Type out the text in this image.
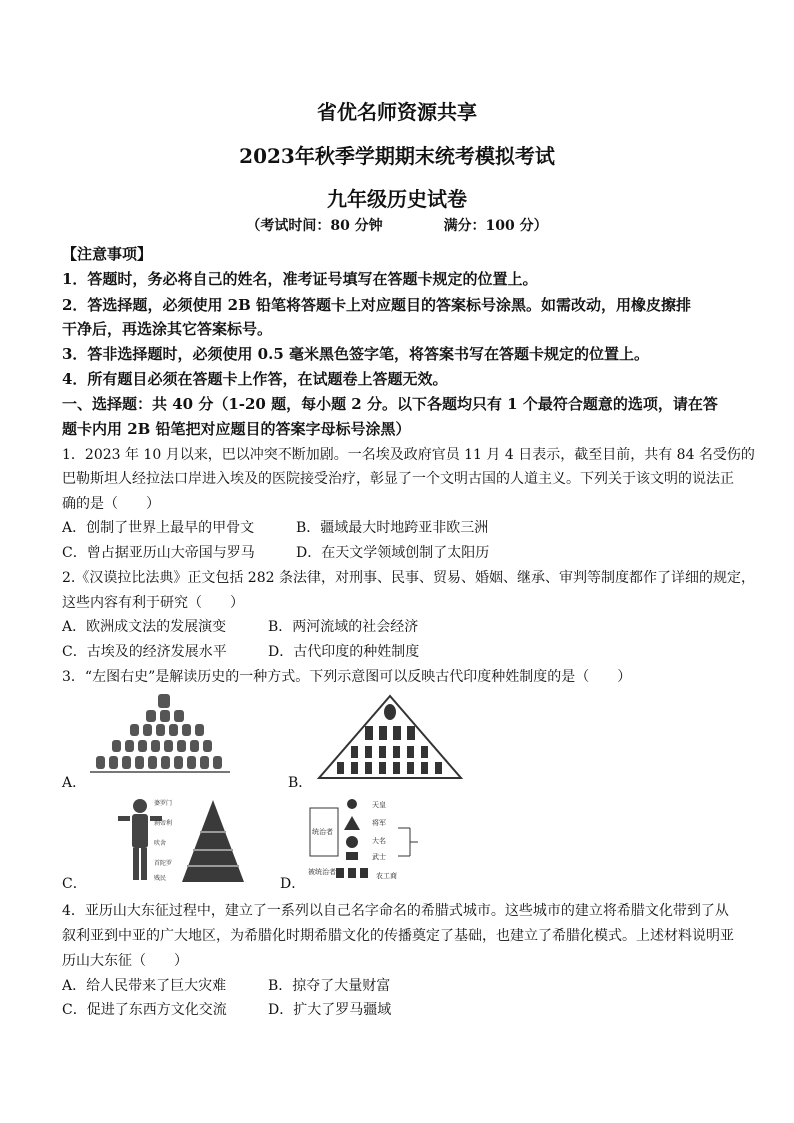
省优名师资源共享
2023年秋季学期期末统考模拟考试
九年级历史试卷
（考试时间：80 分钟	满分：100 分）
【注意事项】
1．答题时，务必将自己的姓名，准考证号填写在答题卡规定的位置上。
2．答选择题，必须使用 2B 铅笔将答题卡上对应题目的答案标号涂黑。如需改动，用橡皮擦排
干净后，再选涂其它答案标号。
3．答非选择题时，必须使用 0.5 毫米黑色签字笔，将答案书写在答题卡规定的位置上。
4．所有题目必须在答题卡上作答，在试题卷上答题无效。
一、选择题：共 40 分（1-20 题，每小题 2 分。以下各题均只有 1 个最符合题意的选项，请在答
题卡内用 2B 铅笔把对应题目的答案字母标号涂黑）
1．2023 年 10 月以来，巴以冲突不断加剧。一名埃及政府官员 11 月 4 日表示，截至目前，共有 84 名受伤的
巴勒斯坦人经拉法口岸进入埃及的医院接受治疗，彰显了一个文明古国的人道主义。下列关于该文明的说法正
确的是（　　）
A．创制了世界上最早的甲骨文	B．疆域最大时地跨亚非欧三洲
C．曾占据亚历山大帝国与罗马	D．在天文学领域创制了太阳历
2.《汉谟拉比法典》正文包括 282 条法律，对刑事、民事、贸易、婚姻、继承、审判等制度都作了详细的规定，
这些内容有利于研究（　　）
A．欧洲成文法的发展演变	B．两河流域的社会经济
C．古埃及的经济发展水平	D．古代印度的种姓制度
3．“左图右史”是解读历史的一种方式。下列示意图可以反映古代印度种姓制度的是（　　）
A．	B．
婆罗门
刹帝利
吠舍
首陀罗
贱民
C．
天皇
将军
大名
武士
农工商
统治者
被统治者
D．
4．亚历山大东征过程中，建立了一系列以自己名字命名的希腊式城市。这些城市的建立将希腊文化带到了从
叙利亚到中亚的广大地区，为希腊化时期希腊文化的传播奠定了基础，也建立了希腊化模式。上述材料说明亚
历山大东征（　　）
A．给人民带来了巨大灾难	B．掠夺了大量财富
C．促进了东西方文化交流	D．扩大了罗马疆域
